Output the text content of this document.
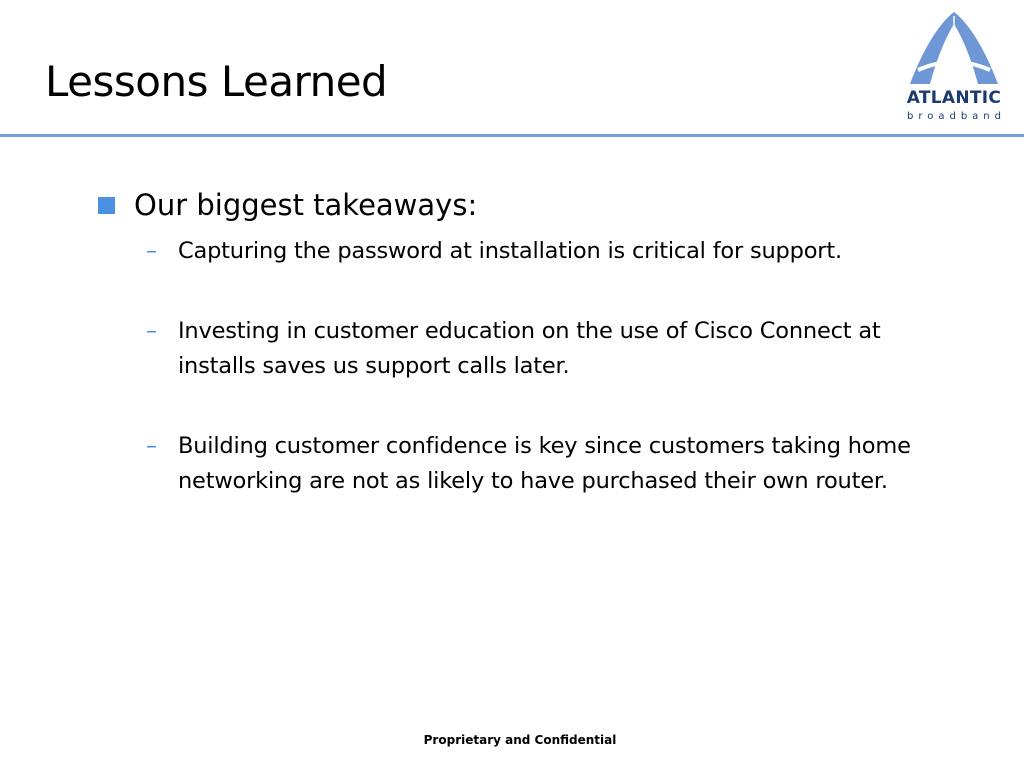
Lessons Learned	ATLANTIC
broadband
Our biggest takeaways:
– Capturing the password at installation is critical for support.
– Investing in customer education on the use of Cisco Connect at installs saves us support calls later.
– Building customer confidence is key since customers taking home networking are not as likely to have purchased their own router.
Proprietary and Confidential
